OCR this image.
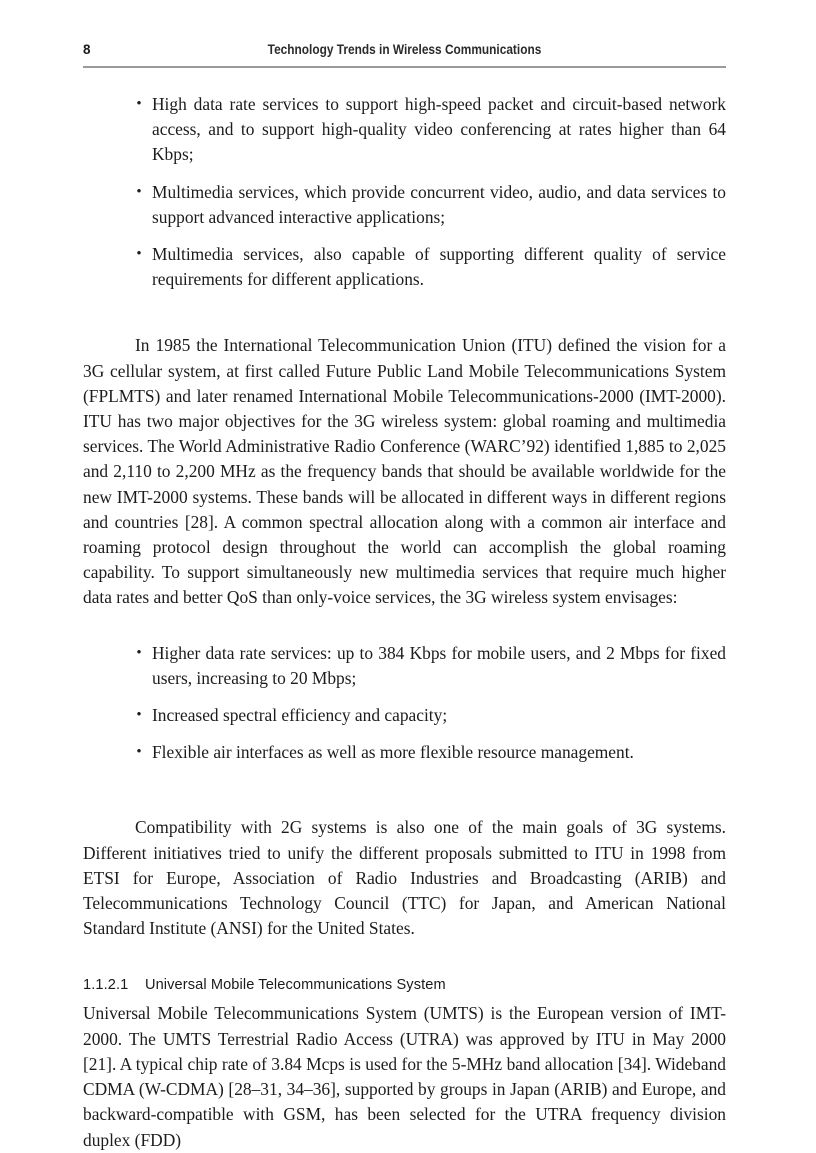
8	Technology Trends in Wireless Communications
• High data rate services to support high-speed packet and circuit-based network access, and to support high-quality video conferencing at rates higher than 64 Kbps;
• Multimedia services, which provide concurrent video, audio, and data services to support advanced interactive applications;
• Multimedia services, also capable of supporting different quality of service requirements for different applications.

In 1985 the International Telecommunication Union (ITU) defined the vision for a 3G cellular system, at first called Future Public Land Mobile Telecommunications System (FPLMTS) and later renamed International Mobile Telecommunications-2000 (IMT-2000). ITU has two major objectives for the 3G wireless system: global roaming and multimedia services. The World Administrative Radio Conference (WARC’92) identified 1,885 to 2,025 and 2,110 to 2,200 MHz as the frequency bands that should be available worldwide for the new IMT-2000 systems. These bands will be allocated in different ways in different regions and countries [28]. A common spectral allocation along with a common air interface and roaming protocol design throughout the world can accomplish the global roaming capability. To support simultaneously new multimedia services that require much higher data rates and better QoS than only-voice services, the 3G wireless system envisages:

• Higher data rate services: up to 384 Kbps for mobile users, and 2 Mbps for fixed users, increasing to 20 Mbps;
• Increased spectral efficiency and capacity;
• Flexible air interfaces as well as more flexible resource management.

Compatibility with 2G systems is also one of the main goals of 3G systems. Different initiatives tried to unify the different proposals submitted to ITU in 1998 from ETSI for Europe, Association of Radio Industries and Broadcasting (ARIB) and Telecommunications Technology Council (TTC) for Japan, and American National Standard Institute (ANSI) for the United States.

1.1.2.1    Universal Mobile Telecommunications System

Universal Mobile Telecommunications System (UMTS) is the European version of IMT-2000. The UMTS Terrestrial Radio Access (UTRA) was approved by ITU in May 2000 [21]. A typical chip rate of 3.84 Mcps is used for the 5-MHz band allocation [34]. Wideband CDMA (W-CDMA) [28–31, 34–36], supported by groups in Japan (ARIB) and Europe, and backward-compatible with GSM, has been selected for the UTRA frequency division duplex (FDD)
